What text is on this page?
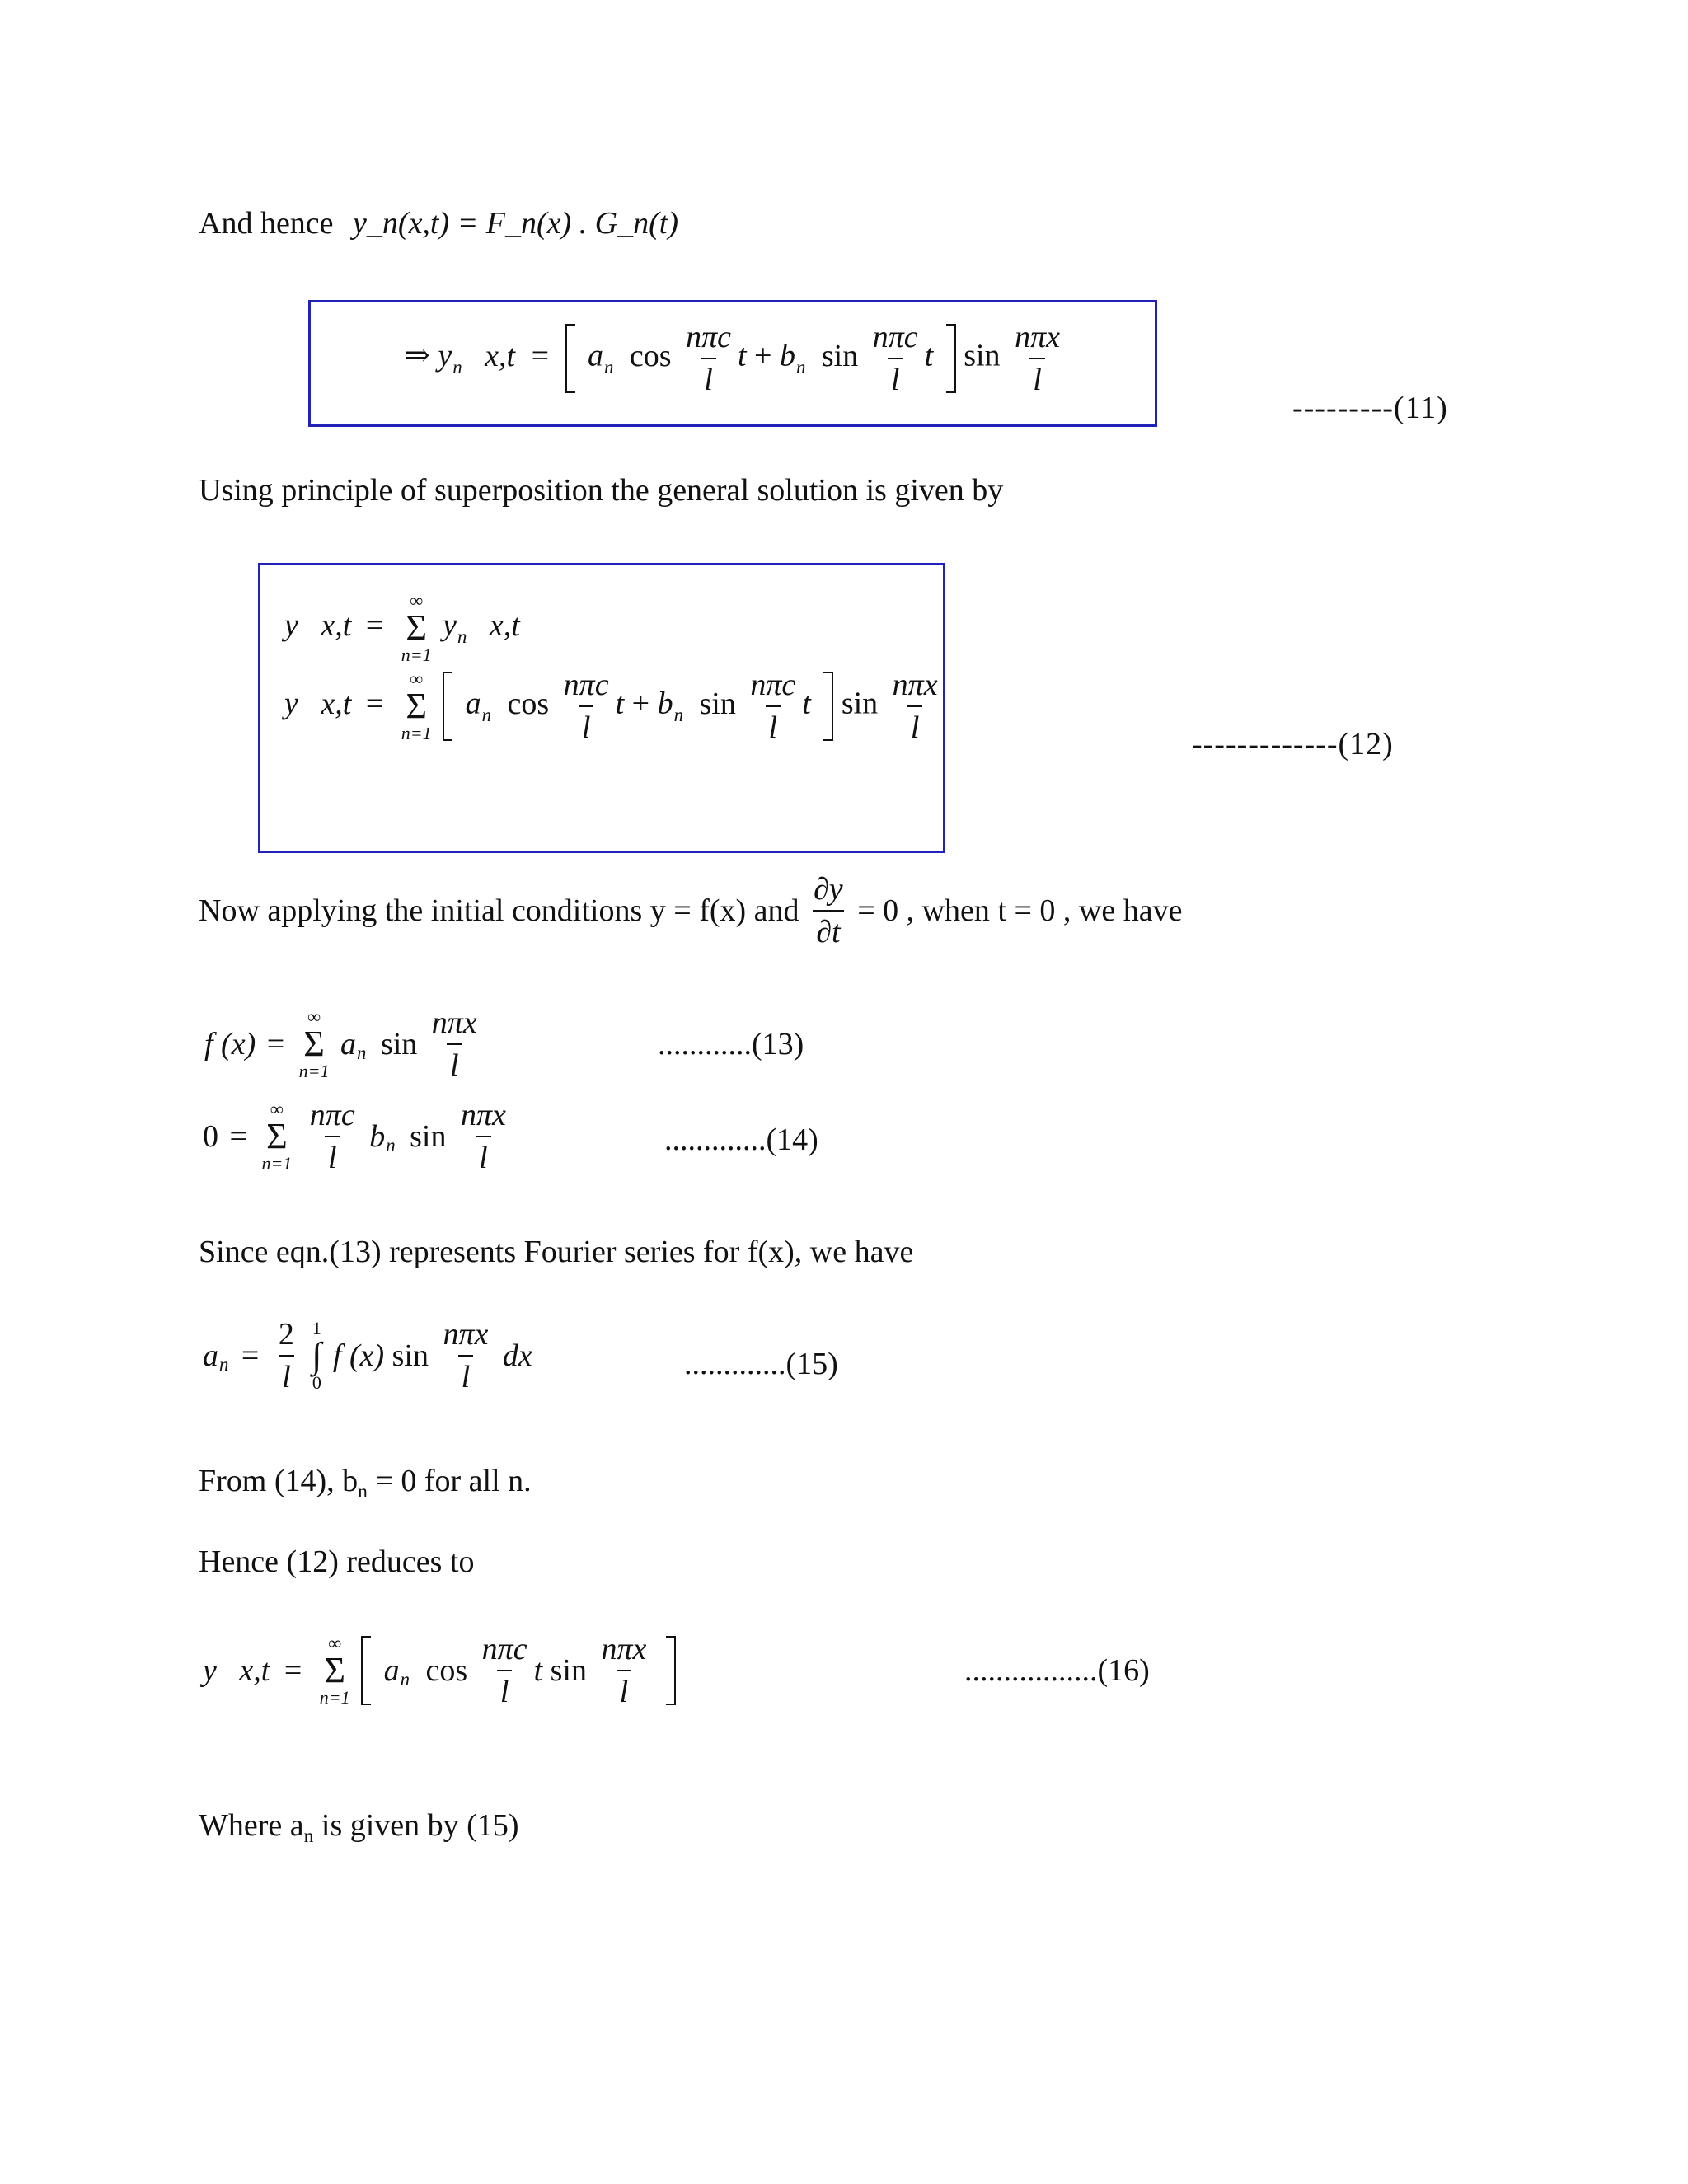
And hence y_n(x,t) = F_n(x) . G_n(t)
⇒ $y_n$ $x,t = a_n$ $\cos \frac{\text{nπc}}{l}$ $t + b_n$ $\sin \frac{\text{nπc}}{l}$ t $\sin \frac{\text{nπx}}{l}$
---------(11)
Using principle of superposition the general solution is given by
y x,t =
∞
Σ
n=1
$y_n$ x,t
y x,t =
∞
Σ
n=1
$a_n$ $\cos \frac{\text{nπc}}{l}$ $t + b_n$ $\sin \frac{\text{nπc}}{l}$ t $\sin \frac{\text{nπx}}{l}$
-------------(12)
Now applying the initial conditions y = f(x) and $\frac{\partial y}{\partial t} = 0$ , when t = 0 , we have
f (x) =
∞
Σ
n=1
$a_n$ $\sin \frac{\text{nπx}}{l}$	............(13)
0 =
∞
Σ
n=1
$\frac{\text{nπc}}{l} b_n$ $\sin \frac{\text{nπx}}{l}$	.............(14)
Since eqn.(13) represents Fourier series for f(x), we have
$a_n = \frac{2}{l}$
1
∫
0
f (x) $\sin \frac{\text{nπx}}{l}$ dx	.............(15)
From (14), $b_n = 0$ for all n.
Hence (12) reduces to
y x,t =
∞
Σ
n=1
$a_n$ $\cos \frac{\text{nπc}}{l}$ t $\sin \frac{\text{nπx}}{l}$
	.................(16)
Where $a_n$ is given by (15)
